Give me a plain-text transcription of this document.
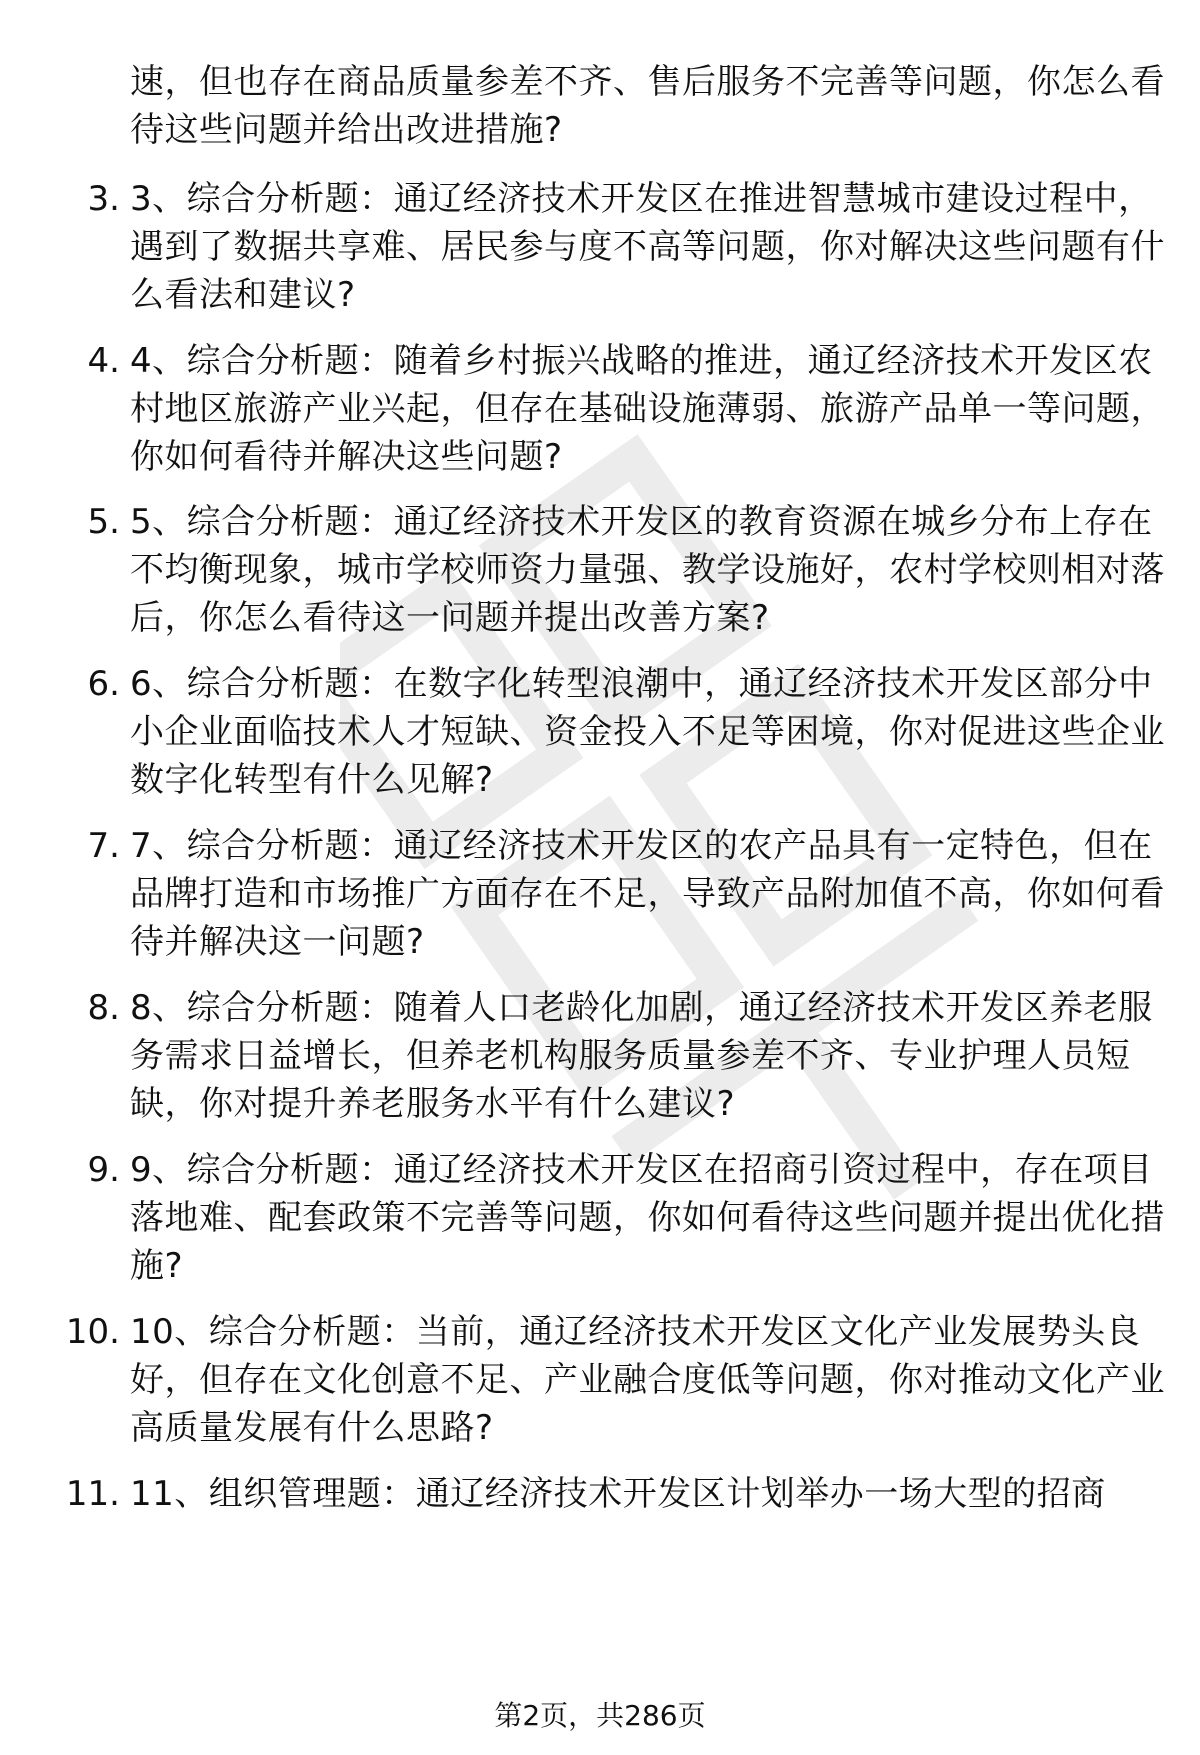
速，但也存在商品质量参差不齐、售后服务不完善等问题，你怎么看待这些问题并给出改进措施?
3. 3、综合分析题：通辽经济技术开发区在推进智慧城市建设过程中，遇到了数据共享难、居民参与度不高等问题，你对解决这些问题有什么看法和建议?
4. 4、综合分析题：随着乡村振兴战略的推进，通辽经济技术开发区农村地区旅游产业兴起，但存在基础设施薄弱、旅游产品单一等问题，你如何看待并解决这些问题?
5. 5、综合分析题：通辽经济技术开发区的教育资源在城乡分布上存在不均衡现象，城市学校师资力量强、教学设施好，农村学校则相对落后，你怎么看待这一问题并提出改善方案?
6. 6、综合分析题：在数字化转型浪潮中，通辽经济技术开发区部分中小企业面临技术人才短缺、资金投入不足等困境，你对促进这些企业数字化转型有什么见解?
7. 7、综合分析题：通辽经济技术开发区的农产品具有一定特色，但在品牌打造和市场推广方面存在不足，导致产品附加值不高，你如何看待并解决这一问题?
8. 8、综合分析题：随着人口老龄化加剧，通辽经济技术开发区养老服务需求日益增长，但养老机构服务质量参差不齐、专业护理人员短缺，你对提升养老服务水平有什么建议?
9. 9、综合分析题：通辽经济技术开发区在招商引资过程中，存在项目落地难、配套政策不完善等问题，你如何看待这些问题并提出优化措施?
10. 10、综合分析题：当前，通辽经济技术开发区文化产业发展势头良好，但存在文化创意不足、产业融合度低等问题，你对推动文化产业高质量发展有什么思路?
11. 11、组织管理题：通辽经济技术开发区计划举办一场大型的招商
第2页，共286页
